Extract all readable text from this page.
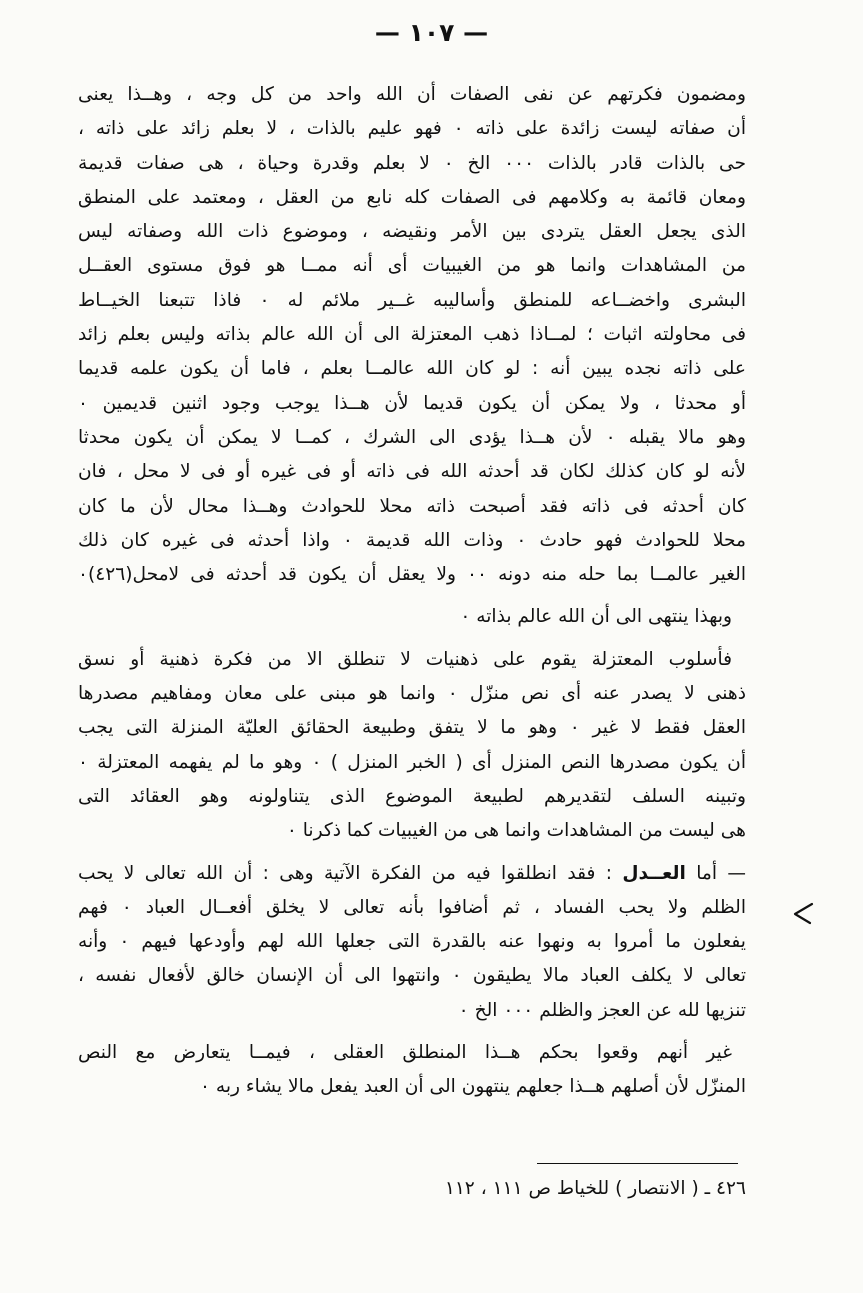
— ١٠٧ —
ومضمون فكرتهم عن نفى الصفات أن الله واحد من كل وجه ، وهــذا يعنى
أن صفاته ليست زائدة على ذاته ٠ فهو عليم بالذات ، لا بعلم زائد على ذاته ،
حى بالذات قادر بالذات ٠٠٠ الخ ٠ لا بعلم وقدرة وحياة ، هى صفات قديمة
ومعان قائمة به وكلامهم فى الصفات كله نابع من العقل ، ومعتمد على المنطق
الذى يجعل العقل يتردى بين الأمر ونقيضه ، وموضوع ذات الله وصفاته ليس
من المشاهدات وانما هو من الغيبيات أى أنه ممــا هو فوق مستوى العقــل
البشرى واخضــاعه للمنطق وأساليبه غــير ملائم له ٠ فاذا تتبعنا الخيــاط
فى محاولته اثبات ؛ لمــاذا ذهب المعتزلة الى أن الله عالم بذاته وليس بعلم زائد
على ذاته نجده يبين أنه : لو كان الله عالمــا بعلم ، فاما أن يكون علمه قديما
أو محدثا ، ولا يمكن أن يكون قديما لأن هــذا يوجب وجود اثنين قديمين ٠
وهو مالا يقبله ٠ لأن هــذا يؤدى الى الشرك ، كمــا لا يمكن أن يكون محدثا
لأنه لو كان كذلك لكان قد أحدثه الله فى ذاته أو فى غيره أو فى لا محل ، فان
كان أحدثه فى ذاته فقد أصبحت ذاته محلا للحوادث وهــذا محال لأن ما كان
محلا للحوادث فهو حادث ٠ وذات الله قديمة ٠ واذا أحدثه فى غيره كان ذلك
الغير عالمــا بما حله منه دونه ٠٠ ولا يعقل أن يكون قد أحدثه فى لامحل(٤٢٦)٠
وبهذا ينتهى الى أن الله عالم بذاته ٠
فأسلوب المعتزلة يقوم على ذهنيات لا تنطلق الا من فكرة ذهنية أو نسق
ذهنى لا يصدر عنه أى نص منزّل ٠ وانما هو مبنى على معان ومفاهيم مصدرها
العقل فقط لا غير ٠ وهو ما لا يتفق وطبيعة الحقائق العليّة المنزلة التى يجب
أن يكون مصدرها النص المنزل أى ( الخبر المنزل ) ٠ وهو ما لم يفهمه المعتزلة ٠
وتبينه السلف لتقديرهم لطبيعة الموضوع الذى يتناولونه وهو العقائد التى
هى ليست من المشاهدات وانما هى من الغيبيات كما ذكرنا ٠
— أما العــدل : فقد انطلقوا فيه من الفكرة الآتية وهى : أن الله تعالى لا يحب
الظلم ولا يحب الفساد ، ثم أضافوا بأنه تعالى لا يخلق أفعــال العباد ٠ فهم
يفعلون ما أمروا به ونهوا عنه بالقدرة التى جعلها الله لهم وأودعها فيهم ٠ وأنه
تعالى لا يكلف العباد مالا يطيقون ٠ وانتهوا الى أن الإنسان خالق لأفعال نفسه ،
تنزيها لله عن العجز والظلم ٠٠٠ الخ ٠
غير أنهم وقعوا بحكم هــذا المنطلق العقلى ، فيمــا يتعارض مع النص
المنزّل لأن أصلهم هــذا جعلهم ينتهون الى أن العبد يفعل مالا يشاء ربه ٠
٤٢٦ ـ ( الانتصار ) للخياط ص ١١١ ، ١١٢
